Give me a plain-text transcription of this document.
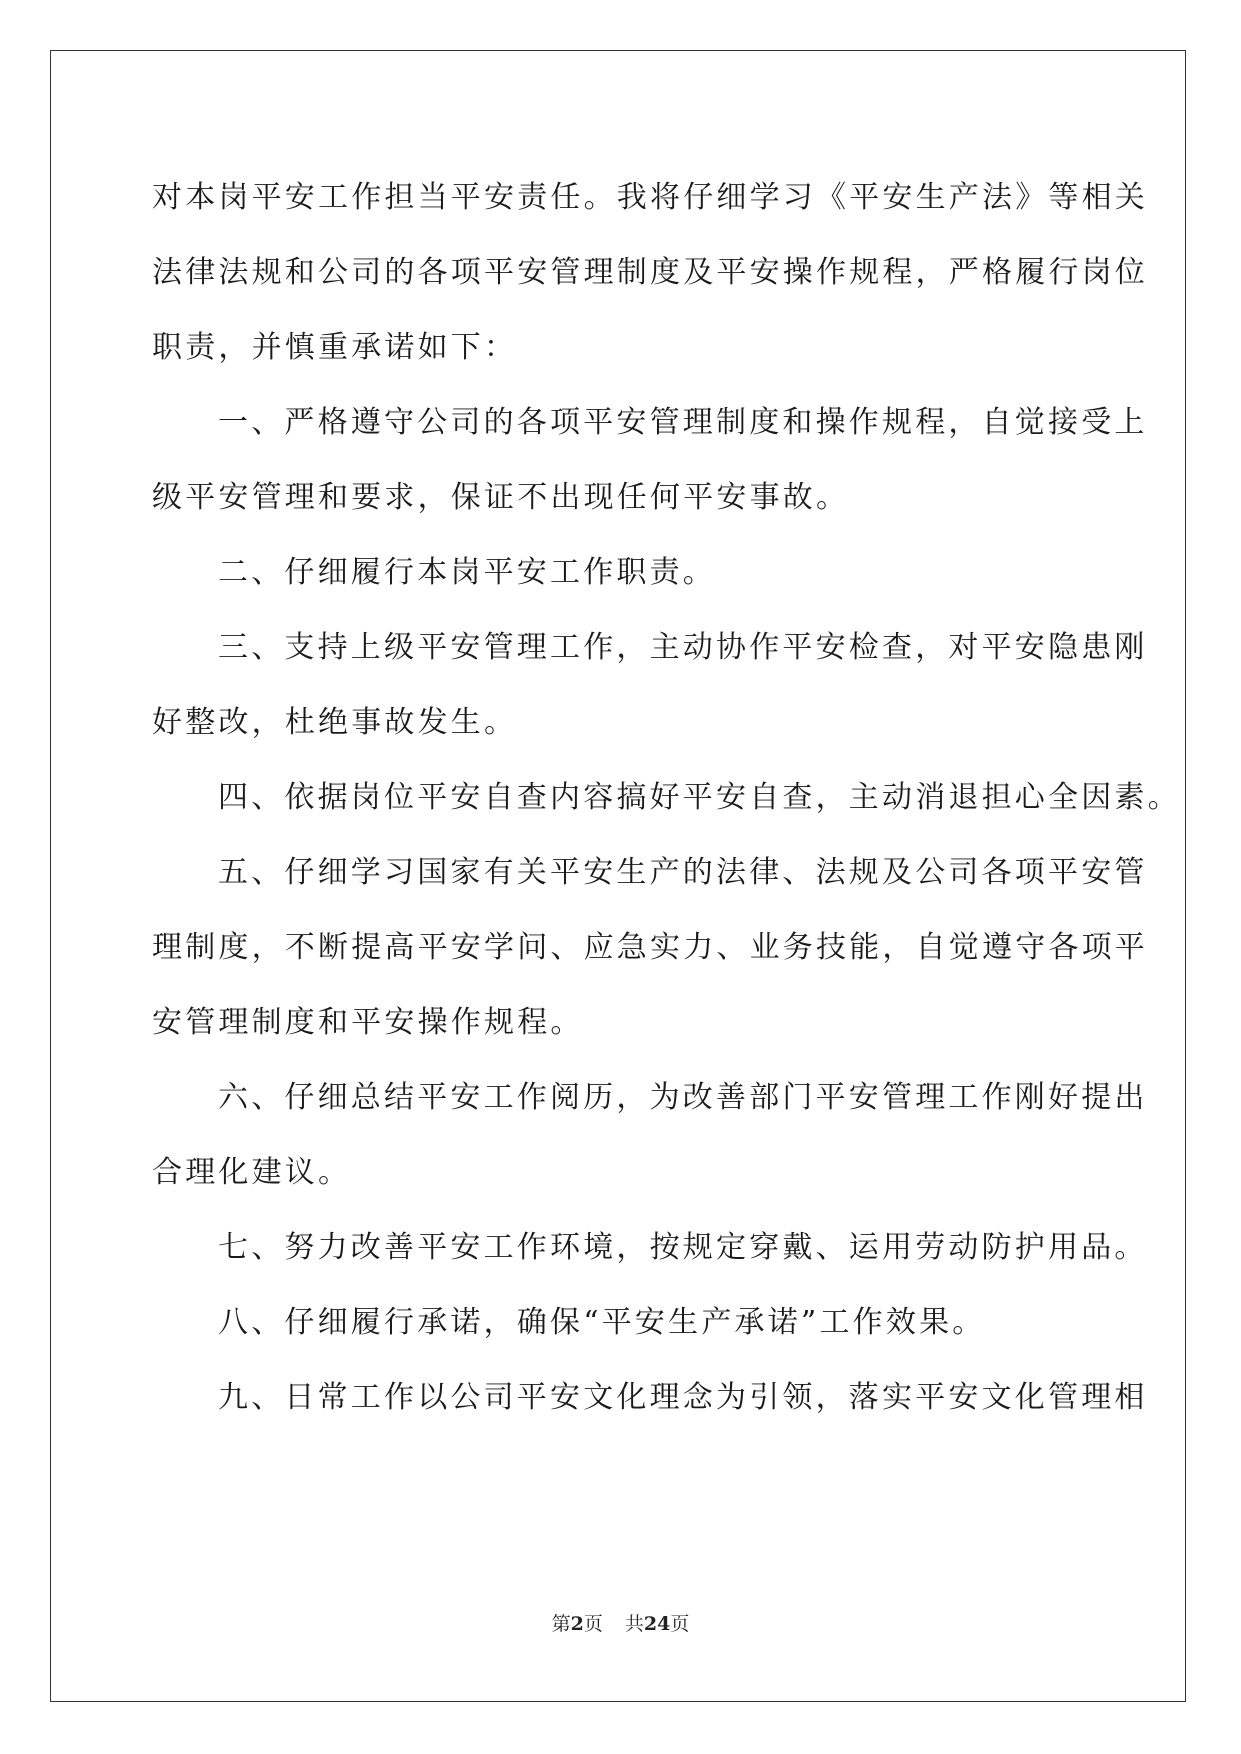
对本岗平安工作担当平安责任。我将仔细学习《平安生产法》等相关
法律法规和公司的各项平安管理制度及平安操作规程，严格履行岗位
职责，并慎重承诺如下：
一、严格遵守公司的各项平安管理制度和操作规程，自觉接受上
级平安管理和要求，保证不出现任何平安事故。
二、仔细履行本岗平安工作职责。
三、支持上级平安管理工作，主动协作平安检查，对平安隐患刚
好整改，杜绝事故发生。
四、依据岗位平安自查内容搞好平安自查，主动消退担心全因素。
五、仔细学习国家有关平安生产的法律、法规及公司各项平安管
理制度，不断提高平安学问、应急实力、业务技能，自觉遵守各项平
安管理制度和平安操作规程。
六、仔细总结平安工作阅历，为改善部门平安管理工作刚好提出
合理化建议。
七、努力改善平安工作环境，按规定穿戴、运用劳动防护用品。
八、仔细履行承诺，确保“平安生产承诺”工作效果。
九、日常工作以公司平安文化理念为引领，落实平安文化管理相
第2页 共24页
